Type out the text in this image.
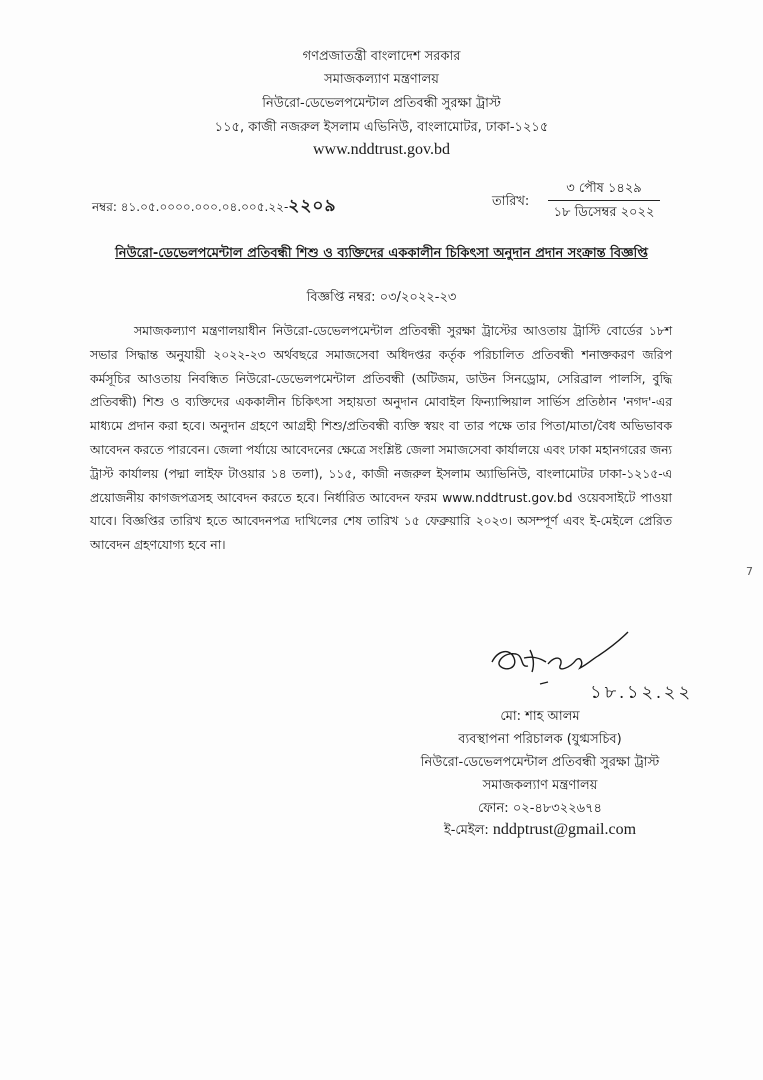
গণপ্রজাতন্ত্রী বাংলাদেশ সরকার
সমাজকল্যাণ মন্ত্রণালয়
নিউরো-ডেভেলপমেন্টাল প্রতিবন্ধী সুরক্ষা ট্রাস্ট
১১৫, কাজী নজরুল ইসলাম এভিনিউ, বাংলামোটর, ঢাকা-১২১৫
www.nddtrust.gov.bd
নম্বর: ৪১.০৫.০০০০.০০০.০৪.০০৫.২২-২২০৯	তারিখ:
৩ পৌষ ১৪২৯
১৮ ডিসেম্বর ২০২২
নিউরো-ডেভেলপমেন্টাল প্রতিবন্ধী শিশু ও ব্যক্তিদের এককালীন চিকিৎসা অনুদান প্রদান সংক্রান্ত বিজ্ঞপ্তি
বিজ্ঞপ্তি নম্বর: ০৩/২০২২-২৩
সমাজকল্যাণ মন্ত্রণালয়াধীন নিউরো-ডেভেলপমেন্টাল প্রতিবন্ধী সুরক্ষা ট্রাস্টের আওতায় ট্রাস্টি বোর্ডের ১৮শ সভার সিদ্ধান্ত অনুযায়ী ২০২২-২৩ অর্থবছরে সমাজসেবা অধিদপ্তর কর্তৃক পরিচালিত প্রতিবন্ধী শনাক্তকরণ জরিপ কর্মসূচির আওতায় নিবন্ধিত নিউরো-ডেভেলপমেন্টাল প্রতিবন্ধী (অটিজম, ডাউন সিনড্রোম, সেরিব্রাল পালসি, বুদ্ধি প্রতিবন্ধী) শিশু ও ব্যক্তিদের এককালীন চিকিৎসা সহায়তা অনুদান মোবাইল ফিন্যান্সিয়াল সার্ভিস প্রতিষ্ঠান 'নগদ'-এর মাধ্যমে প্রদান করা হবে। অনুদান গ্রহণে আগ্রহী শিশু/প্রতিবন্ধী ব্যক্তি স্বয়ং বা তার পক্ষে তার পিতা/মাতা/বৈধ অভিভাবক আবেদন করতে পারবেন। জেলা পর্যায়ে আবেদনের ক্ষেত্রে সংশ্লিষ্ট জেলা সমাজসেবা কার্যালয়ে এবং ঢাকা মহানগরের জন্য ট্রাস্ট কার্যালয় (পদ্মা লাইফ টাওয়ার ১৪ তলা), ১১৫, কাজী নজরুল ইসলাম অ্যাভিনিউ, বাংলামোটর ঢাকা-১২১৫-এ প্রয়োজনীয় কাগজপত্রসহ আবেদন করতে হবে। নির্ধারিত আবেদন ফরম www.nddtrust.gov.bd ওয়েবসাইটে পাওয়া যাবে। বিজ্ঞপ্তির তারিখ হতে আবেদনপত্র দাখিলের শেষ তারিখ ১৫ ফেব্রুয়ারি ২০২৩। অসম্পূর্ণ এবং ই-মেইলে প্রেরিত আবেদন গ্রহণযোগ্য হবে না।
7
১৮.১২.২২
মো: শাহ আলম
ব্যবস্থাপনা পরিচালক (যুগ্মসচিব)
নিউরো-ডেভেলপমেন্টাল প্রতিবন্ধী সুরক্ষা ট্রাস্ট
সমাজকল্যাণ মন্ত্রণালয়
ফোন: ০২-৪৮৩২২৬৭৪
ই-মেইল: nddptrust@gmail.com
